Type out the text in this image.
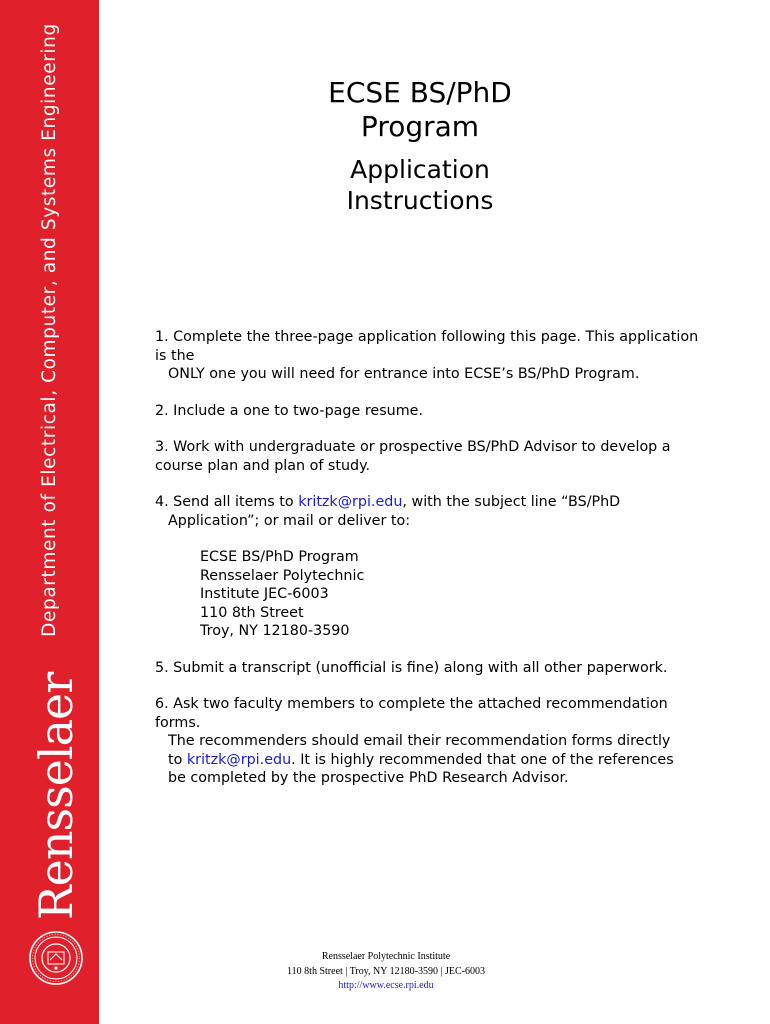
Department of Electrical, Computer, and Systems Engineering
Rensselaer
ECSE BS/PhD
Program
Application
Instructions
1. Complete the three-page application following this page. This application
is the
ONLY one you will need for entrance into ECSE’s BS/PhD Program.
2. Include a one to two-page resume.
3. Work with undergraduate or prospective BS/PhD Advisor to develop a
course plan and plan of study.
4. Send all items to kritzk@rpi.edu, with the subject line “BS/PhD
Application”; or mail or deliver to:
ECSE BS/PhD Program
Rensselaer Polytechnic
Institute JEC-6003
110 8th Street
Troy, NY 12180-3590
5. Submit a transcript (unofficial is fine) along with all other paperwork.
6. Ask two faculty members to complete the attached recommendation
forms.
The recommenders should email their recommendation forms directly
to kritzk@rpi.edu. It is highly recommended that one of the references
be completed by the prospective PhD Research Advisor.
Rensselaer Polytechnic Institute
110 8th Street | Troy, NY 12180-3590 | JEC-6003
http://www.ecse.rpi.edu
